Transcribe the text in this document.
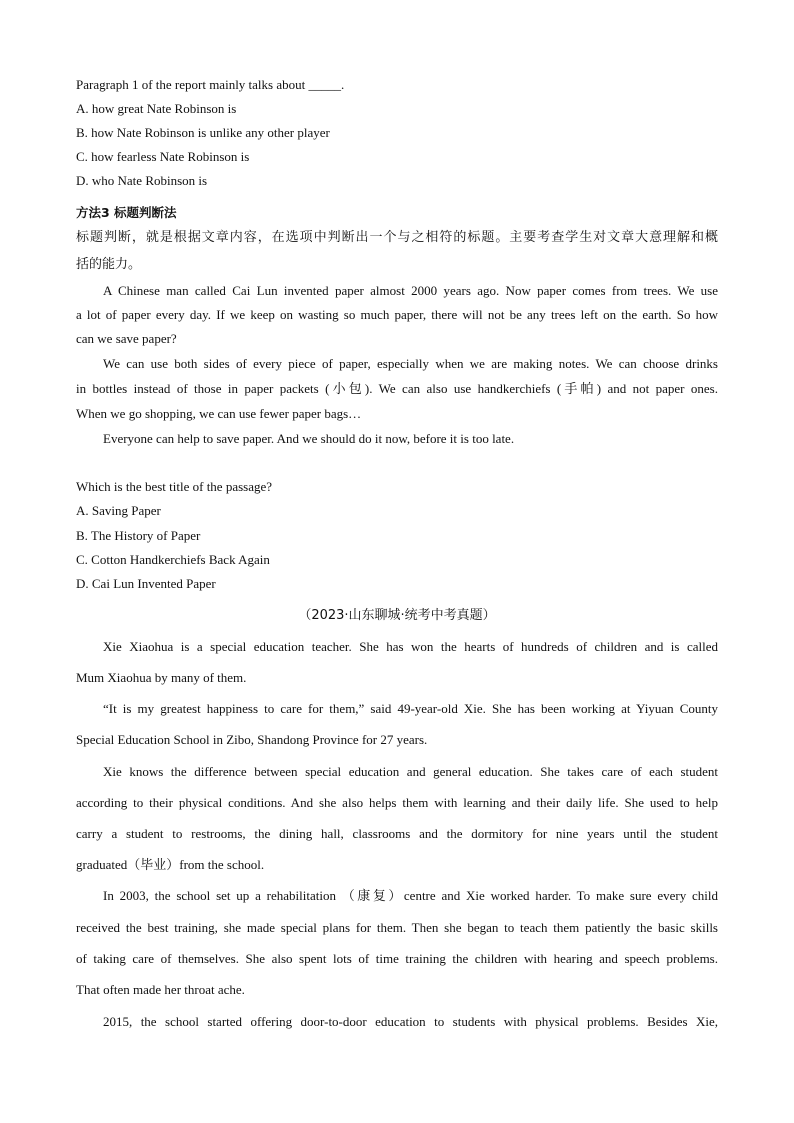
Paragraph 1 of the report mainly talks about _____.
A. how great Nate Robinson is
B. how Nate Robinson is unlike any other player
C. how fearless Nate Robinson is
D. who Nate Robinson is
方法3 标题判断法
标题判断，就是根据文章内容，在选项中判断出一个与之相符的标题。主要考查学生对文章大意理解和概
括的能力。
A Chinese man called Cai Lun invented paper almost 2000 years ago. Now paper comes from trees. We use
a lot of paper every day. If we keep on wasting so much paper, there will not be any trees left on the earth. So how
can we save paper?
We can use both sides of every piece of paper, especially when we are making notes. We can choose drinks
in bottles instead of those in paper packets (小包). We can also use handkerchiefs (手帕) and not paper ones.
When we go shopping, we can use fewer paper bags…
Everyone can help to save paper. And we should do it now, before it is too late.
Which is the best title of the passage?
A. Saving Paper
B. The History of Paper
C. Cotton Handkerchiefs Back Again
D. Cai Lun Invented Paper
（2023·山东聊城·统考中考真题）
Xie Xiaohua is a special education teacher. She has won the hearts of hundreds of children and is called
Mum Xiaohua by many of them.
“It is my greatest happiness to care for them,” said 49-year-old Xie. She has been working at Yiyuan County
Special Education School in Zibo, Shandong Province for 27 years.
Xie knows the difference between special education and general education. She takes care of each student
according to their physical conditions. And she also helps them with learning and their daily life. She used to help
carry a student to restrooms, the dining hall, classrooms and the dormitory for nine years until the student
graduated（毕业）from the school.
In 2003, the school set up a rehabilitation （康复）centre and Xie worked harder. To make sure every child
received the best training, she made special plans for them. Then she began to teach them patiently the basic skills
of taking care of themselves. She also spent lots of time training the children with hearing and speech problems.
That often made her throat ache.
2015, the school started offering door-to-door education to students with physical problems. Besides Xie,
